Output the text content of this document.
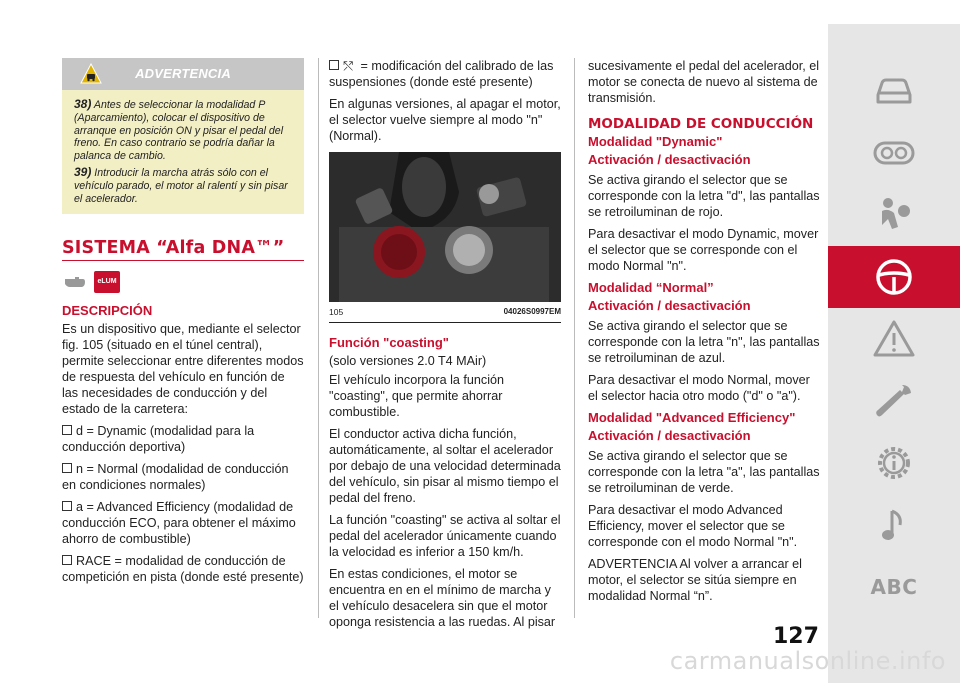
ADVERTENCIA

38) Antes de seleccionar la modalidad P (Aparcamiento), colocar el dispositivo de arranque en posición ON y pisar el pedal del freno. En caso contrario se podría dañar la palanca de cambio.

39) Introducir la marcha atrás sólo con el vehículo parado, el motor al ralentí y sin pisar el acelerador.

SISTEMA “Alfa DNA™”
eLUM
DESCRIPCIÓN

Es un dispositivo que, mediante el selector fig. 105 (situado en el túnel central), permite seleccionar entre diferentes modos de respuesta del vehículo en función de las necesidades de conducción y del estado de la carretera:

d = Dynamic (modalidad para la conducción deportiva)

n = Normal (modalidad de conducción en condiciones normales)

a = Advanced Efficiency (modalidad de conducción ECO, para obtener el máximo ahorro de combustible)

RACE = modalidad de conducción de competición en pista (donde esté presente)

⤲ = modificación del calibrado de las suspensiones (donde esté presente)

En algunas versiones, al apagar el motor, el selector vuelve siempre al modo "n" (Normal).

105	04026S0997EM
Función "coasting"

(solo versiones 2.0 T4 MAir)

El vehículo incorpora la función "coasting", que permite ahorrar combustible.

El conductor activa dicha función, automáticamente, al soltar el acelerador por debajo de una velocidad determinada del vehículo, sin pisar al mismo tiempo el pedal del freno.

La función "coasting" se activa al soltar el pedal del acelerador únicamente cuando la velocidad es inferior a 150 km/h.

En estas condiciones, el motor se encuentra en en el mínimo de marcha y el vehículo desacelera sin que el motor oponga resistencia a las ruedas. Al pisar

sucesivamente el pedal del acelerador, el motor se conecta de nuevo al sistema de transmisión.

MODALIDAD DE CONDUCCIÓN
Modalidad "Dynamic"
Activación / desactivación

Se activa girando el selector que se corresponde con la letra "d", las pantallas se retroiluminan de rojo.

Para desactivar el modo Dynamic, mover el selector que se corresponde con el modo Normal "n".

Modalidad “Normal”
Activación / desactivación

Se activa girando el selector que se corresponde con la letra "n", las pantallas se retroiluminan de azul.

Para desactivar el modo Normal, mover el selector hacia otro modo ("d" o "a").

Modalidad "Advanced Efficiency"
Activación / desactivación

Se activa girando el selector que se corresponde con la letra "a", las pantallas se retroiluminan de verde.

Para desactivar el modo Advanced Efficiency, mover el selector que se corresponde con el modo Normal "n".

ADVERTENCIA Al volver a arrancar el motor, el selector se sitúa siempre en modalidad Normal “n”.

127
ABC
carmanualsonline.info
